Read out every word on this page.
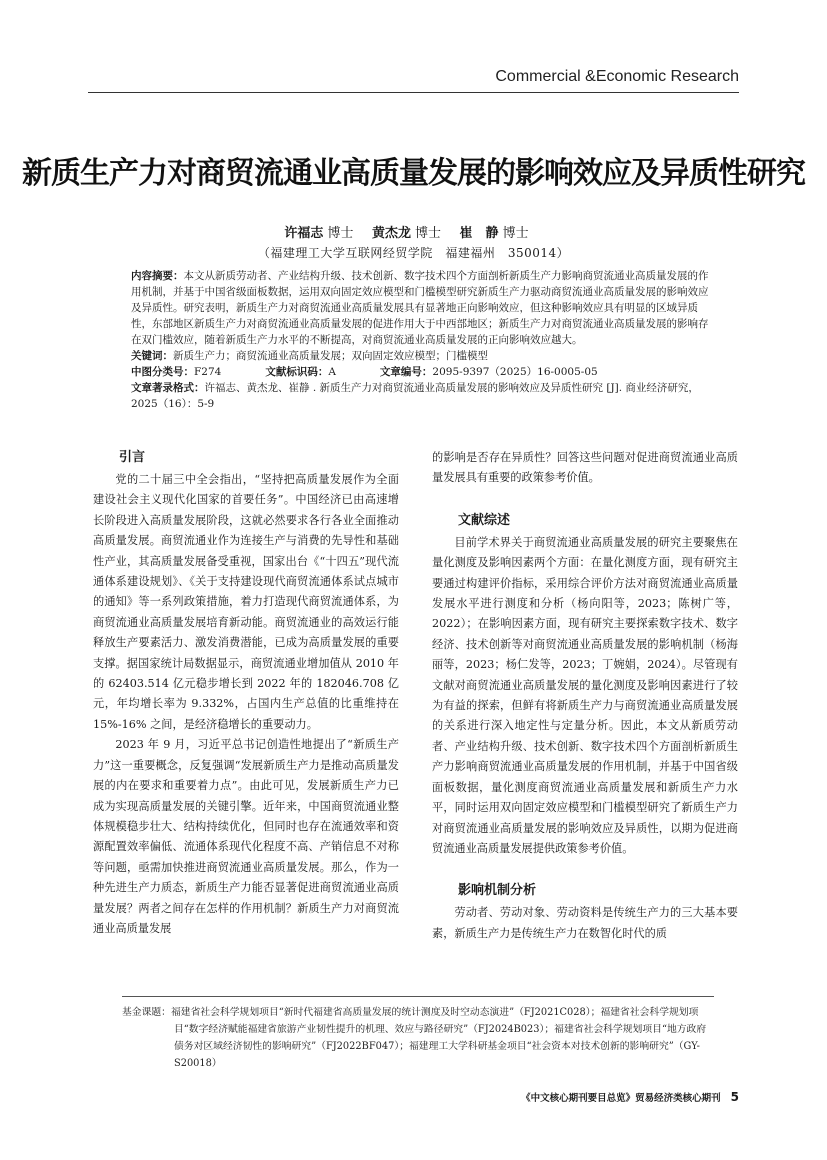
Commercial &Economic Research
新质生产力对商贸流通业高质量发展的影响效应及异质性研究
许福志 博士 黄杰龙 博士 崔　静 博士
（福建理工大学互联网经贸学院　福建福州　350014）

内容摘要：本文从新质劳动者、产业结构升级、技术创新、数字技术四个方面剖析新质生产力影响商贸流通业高质量发展的作用机制，并基于中国省级面板数据，运用双向固定效应模型和门槛模型研究新质生产力驱动商贸流通业高质量发展的影响效应及异质性。研究表明，新质生产力对商贸流通业高质量发展具有显著地正向影响效应，但这种影响效应具有明显的区域异质性，东部地区新质生产力对商贸流通业高质量发展的促进作用大于中西部地区；新质生产力对商贸流通业高质量发展的影响存在双门槛效应，随着新质生产力水平的不断提高，对商贸流通业高质量发展的正向影响效应越大。

关键词：新质生产力；商贸流通业高质量发展；双向固定效应模型；门槛模型

中图分类号：F274	文献标识码：A	文章编号：2095-9397（2025）16-0005-05

文章著录格式：许福志、黄杰龙、崔静 . 新质生产力对商贸流通业高质量发展的影响效应及异质性研究 [J]. 商业经济研究，2025（16）：5-9

引言

党的二十届三中全会指出，“坚持把高质量发展作为全面建设社会主义现代化国家的首要任务”。中国经济已由高速增长阶段进入高质量发展阶段，这就必然要求各行各业全面推动高质量发展。商贸流通业作为连接生产与消费的先导性和基础性产业，其高质量发展备受重视，国家出台《“十四五”现代流通体系建设规划》、《关于支持建设现代商贸流通体系试点城市的通知》等一系列政策措施，着力打造现代商贸流通体系，为商贸流通业高质量发展培育新动能。商贸流通业的高效运行能释放生产要素活力、激发消费潜能，已成为高质量发展的重要支撑。据国家统计局数据显示，商贸流通业增加值从 2010 年的 62403.514 亿元稳步增长到 2022 年的 182046.708 亿元，年均增长率为 9.332%，占国内生产总值的比重维持在 15%-16% 之间，是经济稳增长的重要动力。

2023 年 9 月，习近平总书记创造性地提出了“新质生产力”这一重要概念，反复强调“发展新质生产力是推动高质量发展的内在要求和重要着力点”。由此可见，发展新质生产力已成为实现高质量发展的关键引擎。近年来，中国商贸流通业整体规模稳步壮大、结构持续优化，但同时也存在流通效率和资源配置效率偏低、流通体系现代化程度不高、产销信息不对称等问题，亟需加快推进商贸流通业高质量发展。那么，作为一种先进生产力质态，新质生产力能否显著促进商贸流通业高质量发展？两者之间存在怎样的作用机制？新质生产力对商贸流通业高质量发展

的影响是否存在异质性？回答这些问题对促进商贸流通业高质量发展具有重要的政策参考价值。

文献综述

目前学术界关于商贸流通业高质量发展的研究主要聚焦在量化测度及影响因素两个方面：在量化测度方面，现有研究主要通过构建评价指标，采用综合评价方法对商贸流通业高质量发展水平进行测度和分析（杨向阳等，2023；陈树广等，2022）；在影响因素方面，现有研究主要探索数字技术、数字经济、技术创新等对商贸流通业高质量发展的影响机制（杨海丽等，2023；杨仁发等，2023；丁婉娟，2024）。尽管现有文献对商贸流通业高质量发展的量化测度及影响因素进行了较为有益的探索，但鲜有将新质生产力与商贸流通业高质量发展的关系进行深入地定性与定量分析。因此，本文从新质劳动者、产业结构升级、技术创新、数字技术四个方面剖析新质生产力影响商贸流通业高质量发展的作用机制，并基于中国省级面板数据，量化测度商贸流通业高质量发展和新质生产力水平，同时运用双向固定效应模型和门槛模型研究了新质生产力对商贸流通业高质量发展的影响效应及异质性，以期为促进商贸流通业高质量发展提供政策参考价值。

影响机制分析

劳动者、劳动对象、劳动资料是传统生产力的三大基本要素，新质生产力是传统生产力在数智化时代的质

基金课题：福建省社会科学规划项目“新时代福建省高质量发展的统计测度及时空动态演进”（FJ2021C028）；福建省社会科学规划项目“数字经济赋能福建省旅游产业韧性提升的机理、效应与路径研究”（FJ2024B023）；福建省社会科学规划项目“地方政府债务对区域经济韧性的影响研究”（FJ2022BF047）；福建理工大学科研基金项目“社会资本对技术创新的影响研究”（GY-S20018）

《中文核心期刊要目总览》贸易经济类核心期刊 5
